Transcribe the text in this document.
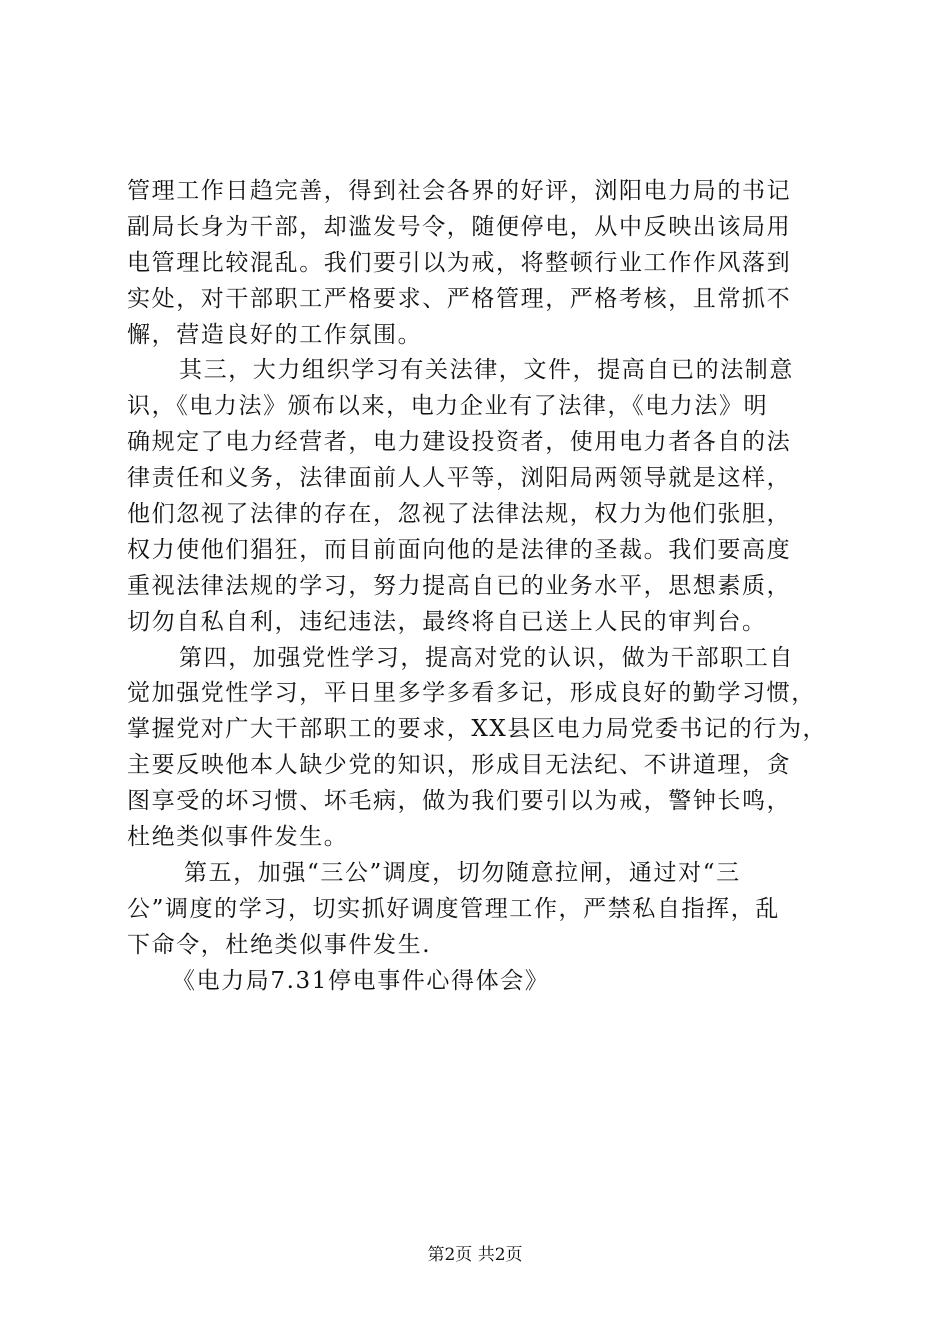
管理工作日趋完善，得到社会各界的好评，浏阳电力局的书记
副局长身为干部，却滥发号令，随便停电，从中反映出该局用
电管理比较混乱。我们要引以为戒，将整顿行业工作作风落到
实处，对干部职工严格要求、严格管理，严格考核，且常抓不
懈，营造良好的工作氛围。
其三，大力组织学习有关法律，文件，提高自已的法制意
识，《电力法》颁布以来，电力企业有了法律，《电力法》明
确规定了电力经营者，电力建设投资者，使用电力者各自的法
律责任和义务，法律面前人人平等，浏阳局两领导就是这样，
他们忽视了法律的存在，忽视了法律法规，权力为他们张胆，
权力使他们猖狂，而目前面向他的是法律的圣裁。我们要高度
重视法律法规的学习，努力提高自已的业务水平，思想素质，
切勿自私自利，违纪违法，最终将自已送上人民的审判台。
第四，加强党性学习，提高对党的认识，做为干部职工自
觉加强党性学习，平日里多学多看多记，形成良好的勤学习惯，
掌握党对广大干部职工的要求，XX县区电力局党委书记的行为，
主要反映他本人缺少党的知识，形成目无法纪、不讲道理，贪
图享受的坏习惯、坏毛病，做为我们要引以为戒，警钟长鸣，
杜绝类似事件发生。
第五，加强“三公”调度，切勿随意拉闸，通过对“三
公”调度的学习，切实抓好调度管理工作，严禁私自指挥，乱
下命令，杜绝类似事件发生.
《电力局7.31停电事件心得体会》
第2页 共2页
